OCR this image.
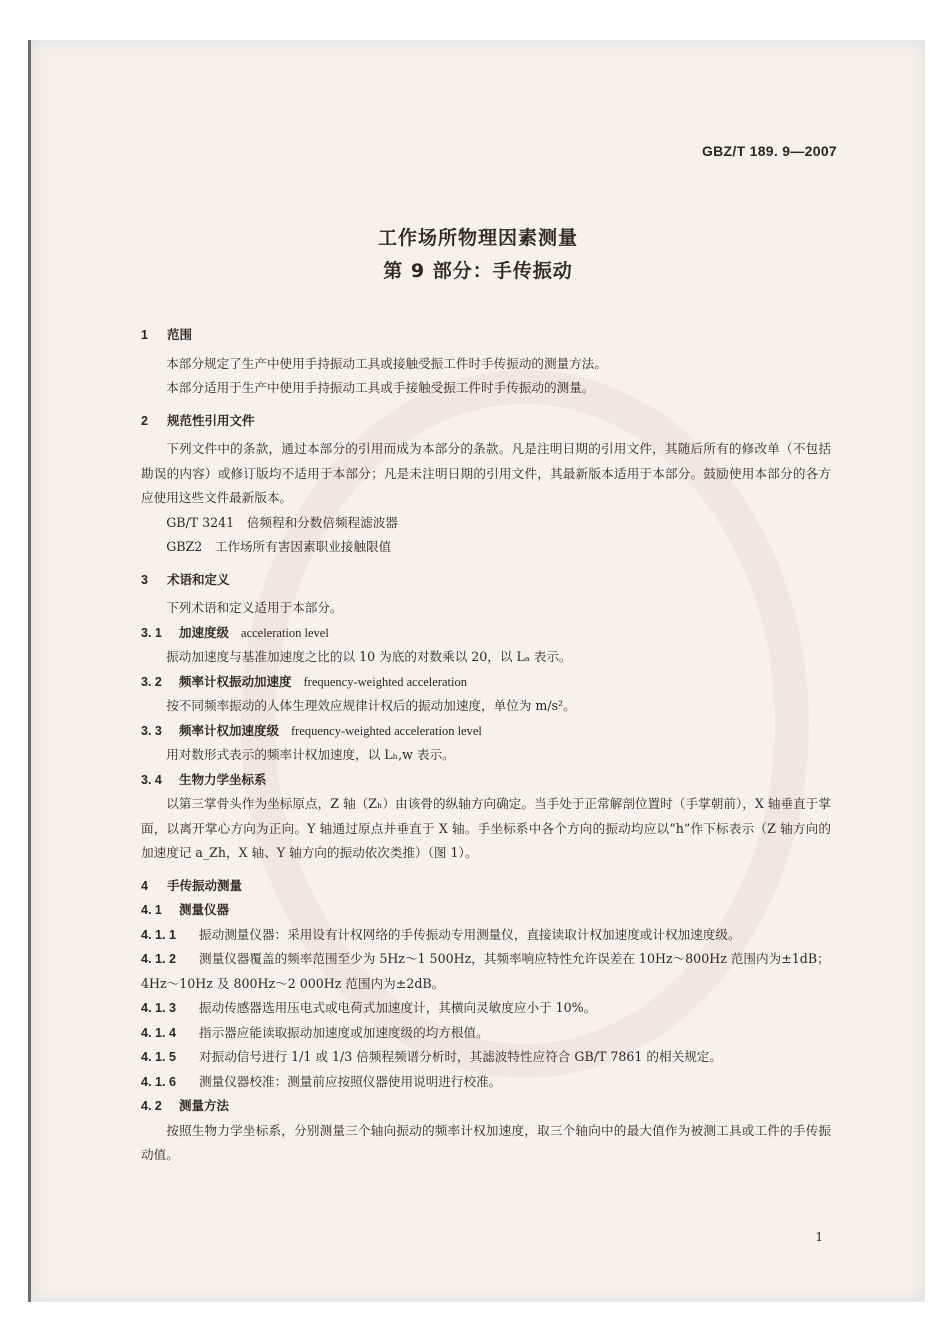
GBZ/T 189. 9—2007
工作场所物理因素测量
第 9 部分：手传振动
1 范围
本部分规定了生产中使用手持振动工具或接触受振工件时手传振动的测量方法。
本部分适用于生产中使用手持振动工具或手接触受振工件时手传振动的测量。
2 规范性引用文件
下列文件中的条款，通过本部分的引用而成为本部分的条款。凡是注明日期的引用文件，其随后所有的修改单（不包括勘误的内容）或修订版均不适用于本部分；凡是未注明日期的引用文件，其最新版本适用于本部分。鼓励使用本部分的各方应使用这些文件最新版本。
GB/T 3241　倍频程和分数倍频程滤波器
GBZ2　工作场所有害因素职业接触限值
3 术语和定义
下列术语和定义适用于本部分。
3. 1 加速度级 acceleration level
振动加速度与基准加速度之比的以 10 为底的对数乘以 20，以 Lₐ 表示。
3. 2 频率计权振动加速度 frequency-weighted acceleration
按不同频率振动的人体生理效应规律计权后的振动加速度，单位为 m/s²。
3. 3 频率计权加速度级 frequency-weighted acceleration level
用对数形式表示的频率计权加速度，以 Lₕ,w 表示。
3. 4 生物力学坐标系
以第三掌骨头作为坐标原点，Z 轴（Zₕ）由该骨的纵轴方向确定。当手处于正常解剖位置时（手掌朝前），X 轴垂直于掌面，以离开掌心方向为正向。Y 轴通过原点并垂直于 X 轴。手坐标系中各个方向的振动均应以“h”作下标表示（Z 轴方向的加速度记 a_Zh，X 轴、Y 轴方向的振动依次类推）（图 1）。
4 手传振动测量
4. 1 测量仪器
4. 1. 1 振动测量仪器：采用设有计权网络的手传振动专用测量仪，直接读取计权加速度或计权加速度级。
4. 1. 2 测量仪器覆盖的频率范围至少为 5Hz～1 500Hz，其频率响应特性允许误差在 10Hz～800Hz 范围内为±1dB；4Hz～10Hz 及 800Hz～2 000Hz 范围内为±2dB。
4. 1. 3 振动传感器选用压电式或电荷式加速度计，其横向灵敏度应小于 10%。
4. 1. 4 指示器应能读取振动加速度或加速度级的均方根值。
4. 1. 5 对振动信号进行 1/1 或 1/3 倍频程频谱分析时，其滤波特性应符合 GB/T 7861 的相关规定。
4. 1. 6 测量仪器校准：测量前应按照仪器使用说明进行校准。
4. 2 测量方法
按照生物力学坐标系，分别测量三个轴向振动的频率计权加速度，取三个轴向中的最大值作为被测工具或工件的手传振动值。
1
